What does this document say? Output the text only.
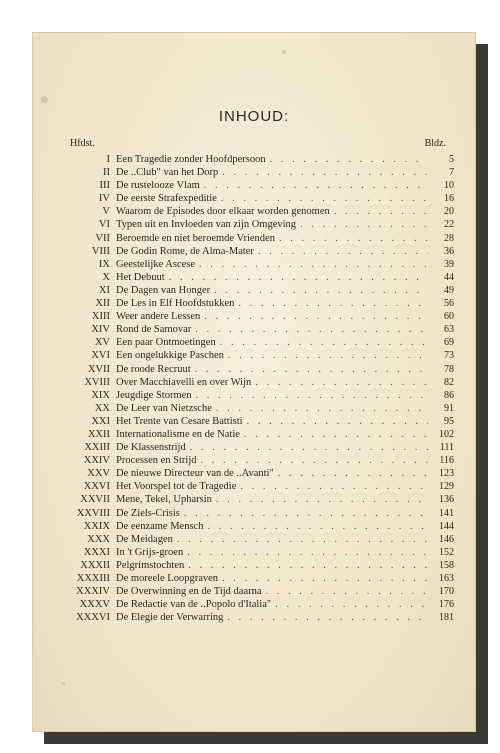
INHOUD:
Hfdst.	Bldz.
I Een Tragedie zonder Hoofdpersoon . . .	5
II De ..Club" van het Dorp . . .	7
III De rustelooze Vlam . . .	10
IV De eerste Strafexpeditie . . .	16
V Waarom de Episodes door elkaar worden genomen . . .	20
VI Typen uit en Invloeden van zijn Omgeving . . .	22
VII Beroemde en niet beroemde Vrienden . . .	28
VIII De Godin Rome, de Alma-Mater . . .	36
IX Geestelijke Ascese . . .	39
X Het Debuut . . .	44
XI De Dagen van Honger . . .	49
XII De Les in Elf Hoofdstukken . . .	56
XIII Weer andere Lessen . . .	60
XIV Rond de Samovar . . .	63
XV Een paar Ontmoetingen . . .	69
XVI Een ongelukkige Paschen . . .	73
XVII De roode Recruut . . .	78
XVIII Over Macchiavelli en over Wijn . . .	82
XIX Jeugdige Stormen . . .	86
XX De Leer van Nietzsche . . .	91
XXI Het Trente van Cesare Battisti . . .	95
XXII Internationalisme en de Natie . . .	102
XXIII De Klassenstrijd . . .	111
XXIV Processen en Strijd . . .	116
XXV De nieuwe Directeur van de ..Avanti" . . .	123
XXVI Het Voorspel tot de Tragedie . . .	129
XXVII Mene, Tekel, Upharsin . . .	136
XXVIII De Ziels-Crisis . . .	141
XXIX De eenzame Mensch . . .	144
XXX De Meidagen . . .	146
XXXI In 't Grijs-groen . . .	152
XXXII Pelgrimstochten . . .	158
XXXIII De moreele Loopgraven . . .	163
XXXIV De Overwinning en de Tijd daarna . . .	170
XXXV De Redactie van de ..Popolo d'Italia" . . .	176
XXXVI De Elegie der Verwarring . . .	181
